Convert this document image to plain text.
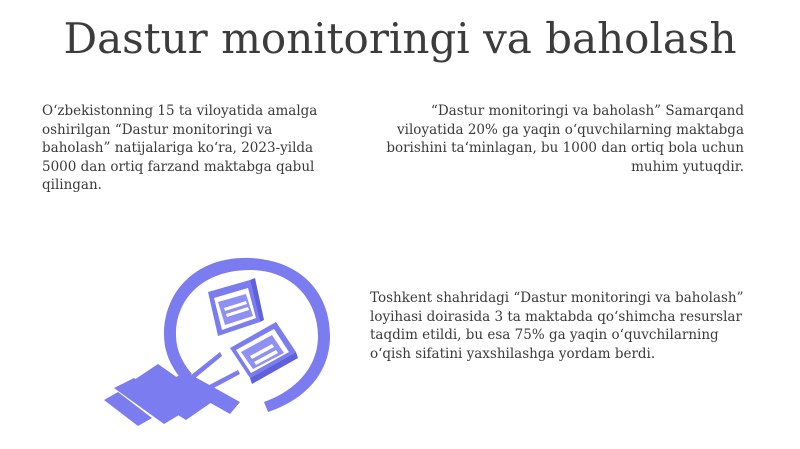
Dastur monitoringi va baholash

Oʻzbekistonning 15 ta viloyatida amalga oshirilgan “Dastur monitoringi va baholash” natijalariga koʻra, 2023-yilda 5000 dan ortiq farzand maktabga qabul qilingan.

“Dastur monitoringi va baholash” Samarqand viloyatida 20% ga yaqin oʻquvchilarning maktabga borishini taʻminlagan, bu 1000 dan ortiq bola uchun muhim yutuqdir.

Toshkent shahridagi “Dastur monitoringi va baholash” loyihasi doirasida 3 ta maktabda qoʻshimcha resurslar taqdim etildi, bu esa 75% ga yaqin oʻquvchilarning oʻqish sifatini yaxshilashga yordam berdi.
